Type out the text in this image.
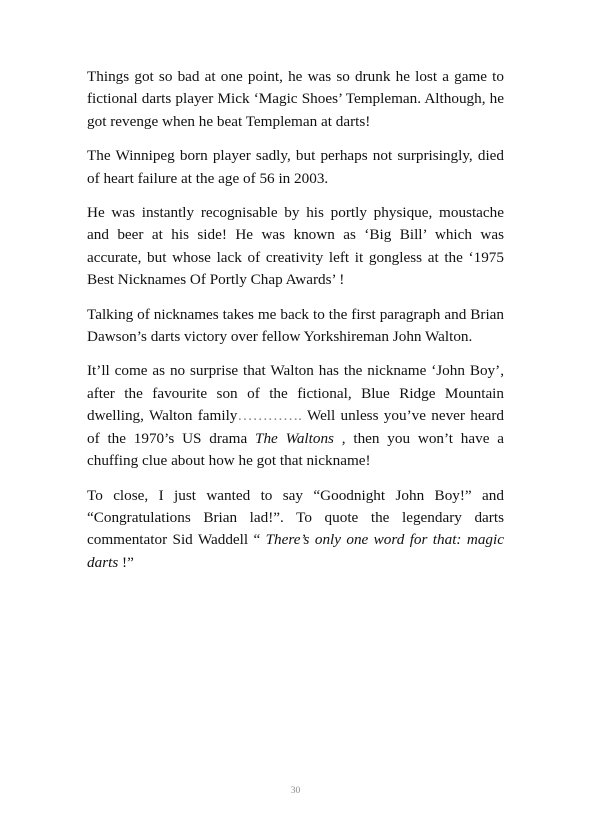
Things got so bad at one point, he was so drunk he lost a game to fictional darts player Mick ‘Magic Shoes’ Templeman. Although, he got revenge when he beat Templeman at darts!

The Winnipeg born player sadly, but perhaps not surprisingly, died of heart failure at the age of 56 in 2003.

He was instantly recognisable by his portly physique, moustache and beer at his side! He was known as ‘Big Bill’ which was accurate, but whose lack of creativity left it gongless at the ‘1975 Best Nicknames Of Portly Chap Awards’ !

Talking of nicknames takes me back to the first paragraph and Brian Dawson’s darts victory over fellow Yorkshireman John Walton.

It’ll come as no surprise that Walton has the nickname ‘John Boy’, after the favourite son of the fictional, Blue Ridge Mountain dwelling, Walton family…………. Well unless you’ve never heard of the 1970’s US drama The Waltons , then you won’t have a chuffing clue about how he got that nickname!

To close, I just wanted to say “Goodnight John Boy!” and “Congratulations Brian lad!”. To quote the legendary darts commentator Sid Waddell “ There’s only one word for that: magic darts !”

30
